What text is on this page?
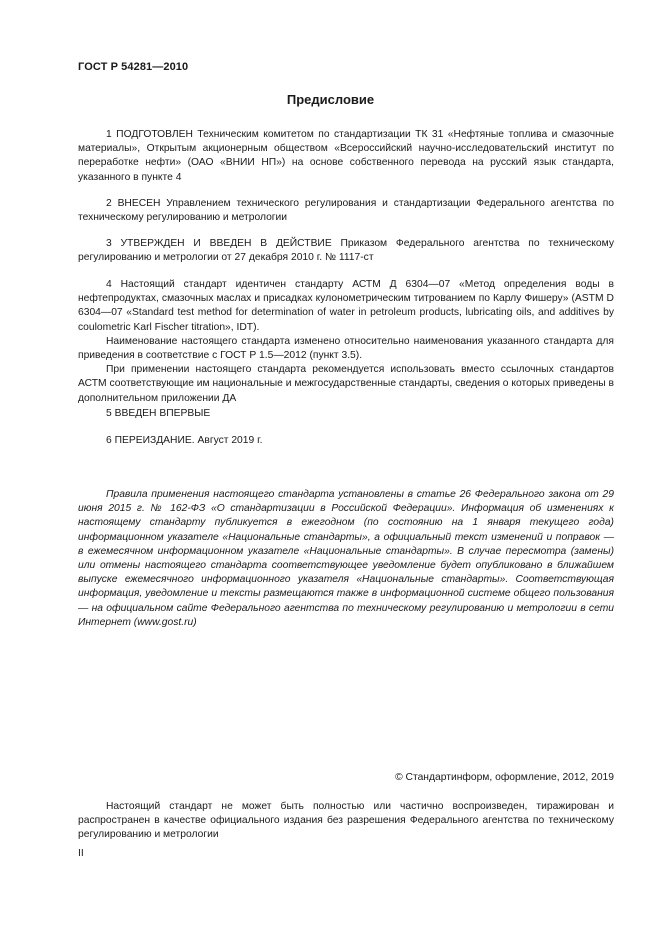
ГОСТ Р 54281—2010
Предисловие

1 ПОДГОТОВЛЕН Техническим комитетом по стандартизации ТК 31 «Нефтяные топлива и смазочные материалы», Открытым акционерным обществом «Всероссийский научно-исследовательский институт по переработке нефти» (ОАО «ВНИИ НП») на основе собственного перевода на русский язык стандарта, указанного в пункте 4

2 ВНЕСЕН Управлением технического регулирования и стандартизации Федерального агентства по техническому регулированию и метрологии

3 УТВЕРЖДЕН И ВВЕДЕН В ДЕЙСТВИЕ Приказом Федерального агентства по техническому регулированию и метрологии от 27 декабря 2010 г. № 1117-ст

4 Настоящий стандарт идентичен стандарту АСТМ Д 6304—07 «Метод определения воды в нефтепродуктах, смазочных маслах и присадках кулонометрическим титрованием по Карлу Фишеру» (ASTM D 6304—07 «Standard test method for determination of water in petroleum products, lubricating oils, and additives by coulometric Karl Fischer titration», IDT).

Наименование настоящего стандарта изменено относительно наименования указанного стандарта для приведения в соответствие с ГОСТ Р 1.5—2012 (пункт 3.5).

При применении настоящего стандарта рекомендуется использовать вместо ссылочных стандартов АСТМ соответствующие им национальные и межгосударственные стандарты, сведения о которых приведены в дополнительном приложении ДА

5 ВВЕДЕН ВПЕРВЫЕ

6 ПЕРЕИЗДАНИЕ. Август 2019 г.

Правила применения настоящего стандарта установлены в статье 26 Федерального закона от 29 июня 2015 г. № 162-ФЗ «О стандартизации в Российской Федерации». Информация об изменениях к настоящему стандарту публикуется в ежегодном (по состоянию на 1 января текущего года) информационном указателе «Национальные стандарты», а официальный текст изменений и поправок — в ежемесячном информационном указателе «Национальные стандарты». В случае пересмотра (замены) или отмены настоящего стандарта соответствующее уведомление будет опубликовано в ближайшем выпуске ежемесячного информационного указателя «Национальные стандарты». Соответствующая информация, уведомление и тексты размещаются также в информационной системе общего пользования — на официальном сайте Федерального агентства по техническому регулированию и метрологии в сети Интернет (www.gost.ru)

© Стандартинформ, оформление, 2012, 2019

Настоящий стандарт не может быть полностью или частично воспроизведен, тиражирован и распространен в качестве официального издания без разрешения Федерального агентства по техническому регулированию и метрологии

II
